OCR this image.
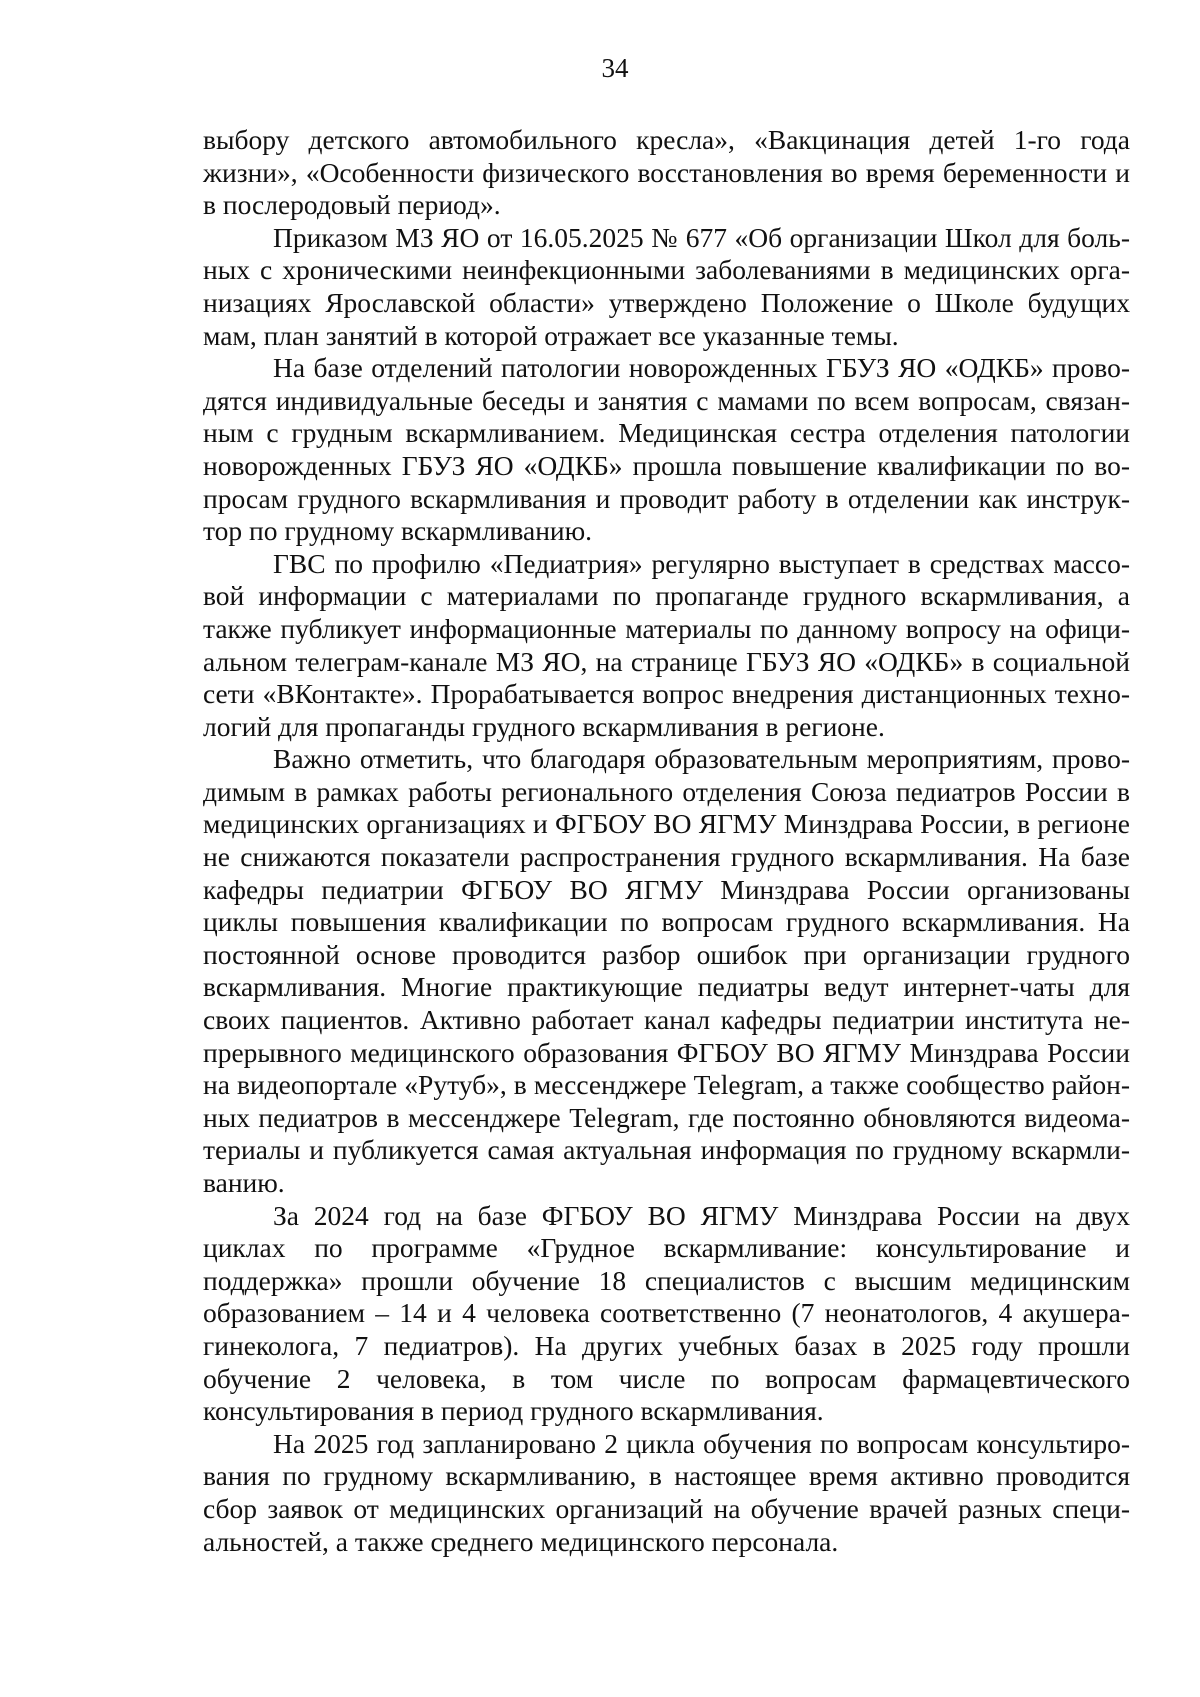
34

выбору детского автомобильного кресла», «Вакцинация детей 1-го года жизни», «Особенности физического восстановления во время беременности и в послеродовый период».

Приказом МЗ ЯО от 16.05.2025 № 677 «Об организации Школ для больных с хроническими неинфекционными заболеваниями в медицинских организациях Ярославской области» утверждено Положение о Школе будущих мам, план занятий в которой отражает все указанные темы.

На базе отделений патологии новорожденных ГБУЗ ЯО «ОДКБ» проводятся индивидуальные беседы и занятия с мамами по всем вопросам, связанным с грудным вскармливанием. Медицинская сестра отделения патологии новорожденных ГБУЗ ЯО «ОДКБ» прошла повышение квалификации по вопросам грудного вскармливания и проводит работу в отделении как инструктор по грудному вскармливанию.

ГВС по профилю «Педиатрия» регулярно выступает в средствах массовой информации с материалами по пропаганде грудного вскармливания, а также публикует информационные материалы по данному вопросу на официальном телеграм-канале МЗ ЯО, на странице ГБУЗ ЯО «ОДКБ» в социальной сети «ВКонтакте». Прорабатывается вопрос внедрения дистанционных технологий для пропаганды грудного вскармливания в регионе.

Важно отметить, что благодаря образовательным мероприятиям, проводимым в рамках работы регионального отделения Союза педиатров России в медицинских организациях и ФГБОУ ВО ЯГМУ Минздрава России, в регионе не снижаются показатели распространения грудного вскармливания. На базе кафедры педиатрии ФГБОУ ВО ЯГМУ Минздрава России организованы циклы повышения квалификации по вопросам грудного вскармливания. На постоянной основе проводится разбор ошибок при организации грудного вскармливания. Многие практикующие педиатры ведут интернет-чаты для своих пациентов. Активно работает канал кафедры педиатрии института непрерывного медицинского образования ФГБОУ ВО ЯГМУ Минздрава России на видеопортале «Рутуб», в мессенджере Telegram, а также сообщество районных педиатров в мессенджере Telegram, где постоянно обновляются видеоматериалы и публикуется самая актуальная информация по грудному вскармливанию.

За 2024 год на базе ФГБОУ ВО ЯГМУ Минздрава России на двух циклах по программе «Грудное вскармливание: консультирование и поддержка» прошли обучение 18 специалистов с высшим медицинским образованием – 14 и 4 человека соответственно (7 неонатологов, 4 акушера-гинеколога, 7 педиатров). На других учебных базах в 2025 году прошли обучение 2 человека, в том числе по вопросам фармацевтического консультирования в период грудного вскармливания.

На 2025 год запланировано 2 цикла обучения по вопросам консультирования по грудному вскармливанию, в настоящее время активно проводится сбор заявок от медицинских организаций на обучение врачей разных специальностей, а также среднего медицинского персонала.
